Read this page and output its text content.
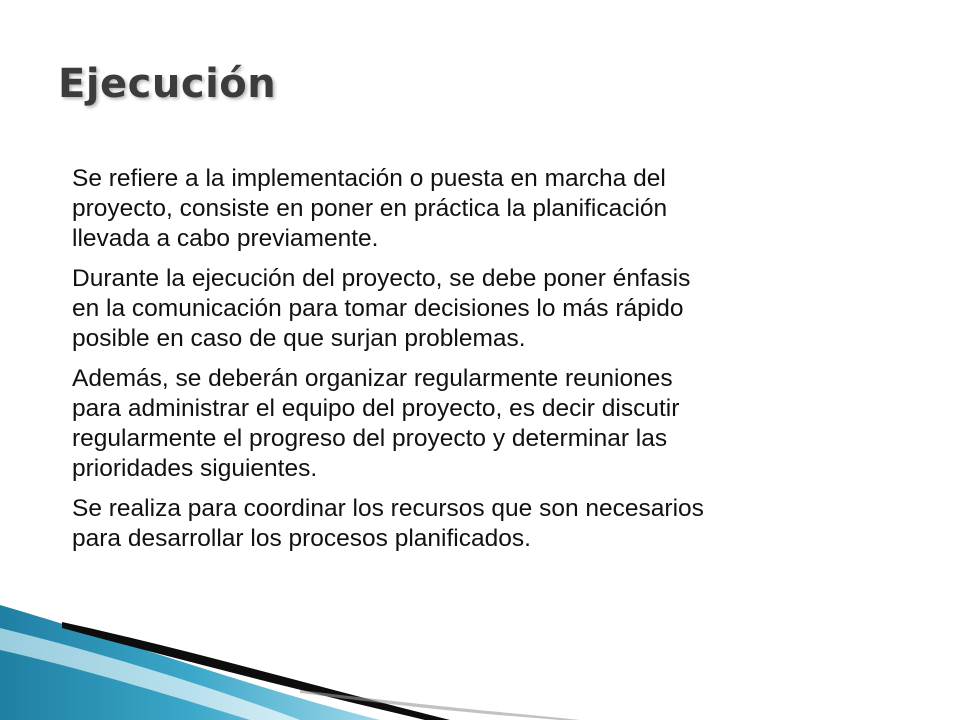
Ejecución
Se refiere a la implementación o puesta en marcha del
proyecto, consiste en poner en práctica la planificación
llevada a cabo previamente.
Durante la ejecución del proyecto, se debe poner énfasis
en la comunicación para tomar decisiones lo más rápido
posible en caso de que surjan problemas.
Además, se deberán organizar regularmente reuniones
para administrar el equipo del proyecto, es decir discutir
regularmente el progreso del proyecto y determinar las
prioridades siguientes.
Se realiza para coordinar los recursos que son necesarios
para desarrollar los procesos planificados.
